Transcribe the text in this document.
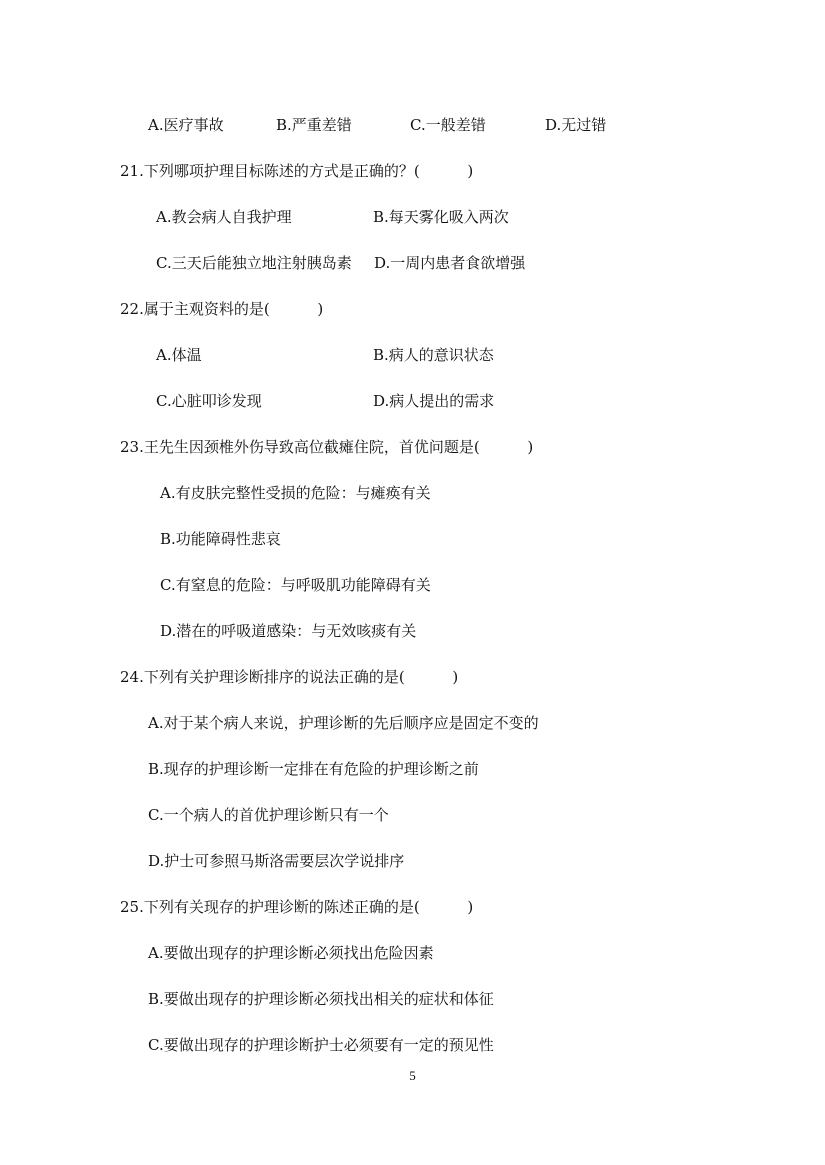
A.医疗事故	B.严重差错	C.一般差错	D.无过错
21.下列哪项护理目标陈述的方式是正确的？(          )
A.教会病人自我护理	B.每天雾化吸入两次
C.三天后能独立地注射胰岛素 D.一周内患者食欲增强
22.属于主观资料的是(          )
A.体温	B.病人的意识状态
C.心脏叩诊发现	D.病人提出的需求
23.王先生因颈椎外伤导致高位截瘫住院，首优问题是(          )
A.有皮肤完整性受损的危险：与瘫痪有关
B.功能障碍性悲哀
C.有窒息的危险：与呼吸肌功能障碍有关
D.潜在的呼吸道感染：与无效咳痰有关
24.下列有关护理诊断排序的说法正确的是(          )
A.对于某个病人来说，护理诊断的先后顺序应是固定不变的
B.现存的护理诊断一定排在有危险的护理诊断之前
C.一个病人的首优护理诊断只有一个
D.护士可参照马斯洛需要层次学说排序
25.下列有关现存的护理诊断的陈述正确的是(          )
A.要做出现存的护理诊断必须找出危险因素
B.要做出现存的护理诊断必须找出相关的症状和体征
C.要做出现存的护理诊断护士必须要有一定的预见性
5
